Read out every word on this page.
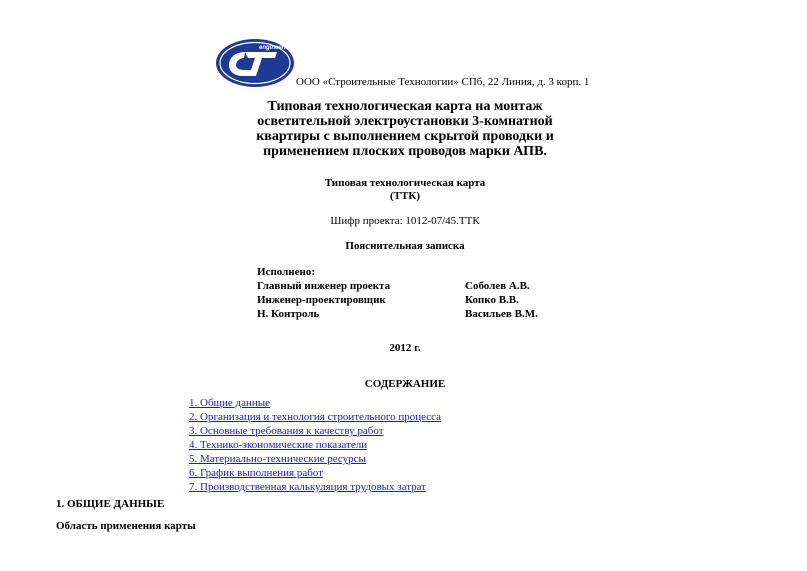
engineering
ООО «Строительные Технологии» СПб, 22 Линия, д. 3 корп. 1
Типовая технологическая карта на монтаж
осветительной электроустановки 3-комнатной
квартиры с выполнением скрытой проводки и
применением плоских проводов марки АПВ.
Типовая технологическая карта
(ТТК)
Шифр проекта: 1012-07/45.ТТК
Пояснительная записка
Исполнено:
Главный инженер проекта	Соболев А.В.
Инженер-проектировщик	Копко В.В.
Н. Контроль	Васильев В.М.
2012 г.
СОДЕРЖАНИЕ
1. Общие данные
2. Организация и технология строительного процесса
3. Основные требования к качеству работ
4. Технико-экономические показатели
5. Материально-технические ресурсы
6. График выполнения работ
7. Производственная калькуляция трудовых затрат
1. ОБЩИЕ ДАННЫЕ
Область применения карты
